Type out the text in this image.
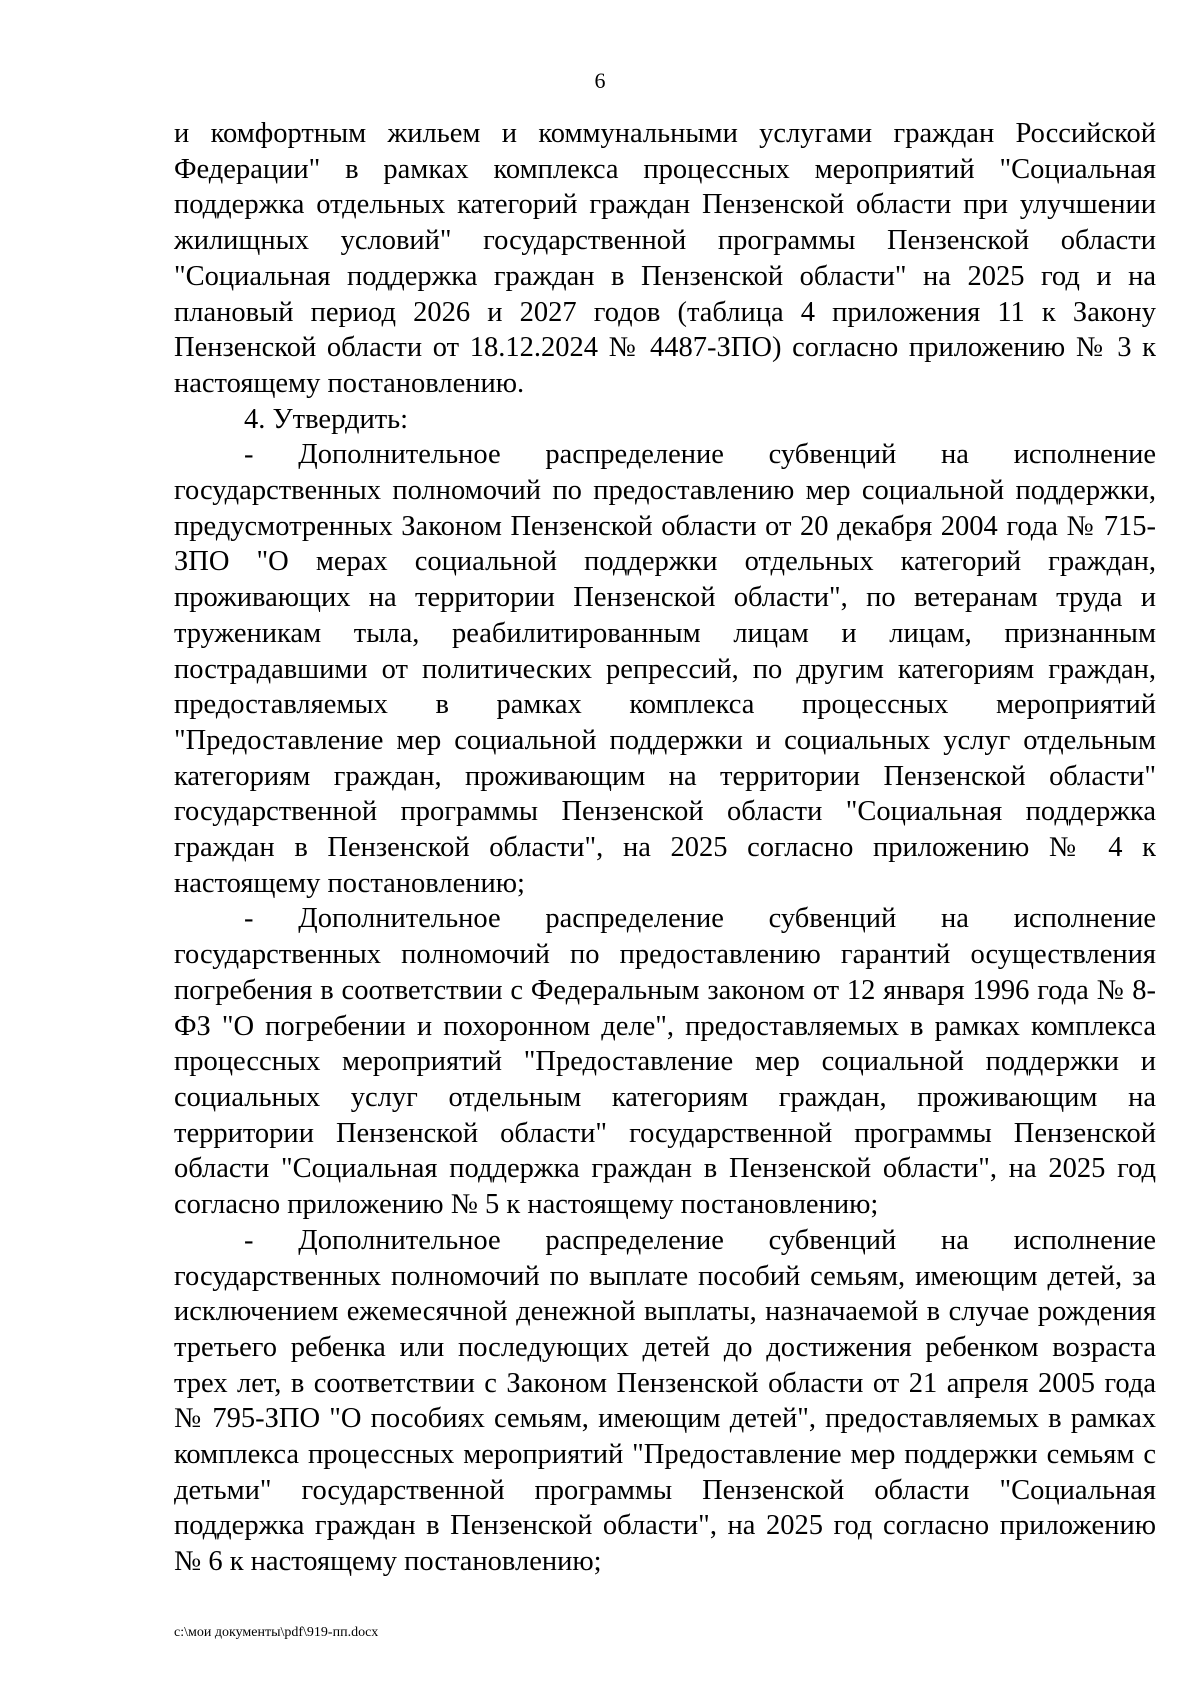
6

и комфортным жильем и коммунальными услугами граждан Российской Федерации" в рамках комплекса процессных мероприятий "Социальная поддержка отдельных категорий граждан Пензенской области при улучшении жилищных условий" государственной программы Пензенской области "Социальная поддержка граждан в Пензенской области" на 2025 год и на плановый период 2026 и 2027 годов (таблица 4 приложения 11 к Закону Пензенской области от 18.12.2024 № 4487-ЗПО) согласно приложению № 3 к настоящему постановлению.

4. Утвердить:

- Дополнительное распределение субвенций на исполнение государственных полномочий по предоставлению мер социальной поддержки, предусмотренных Законом Пензенской области от 20 декабря 2004 года № 715-ЗПО "О мерах социальной поддержки отдельных категорий граждан, проживающих на территории Пензенской области", по ветеранам труда и труженикам тыла, реабилитированным лицам и лицам, признанным пострадавшими от политических репрессий, по другим категориям граждан, предоставляемых в рамках комплекса процессных мероприятий "Предоставление мер социальной поддержки и социальных услуг отдельным категориям граждан, проживающим на территории Пензенской области" государственной программы Пензенской области "Социальная поддержка граждан в Пензенской области", на 2025 согласно приложению № 4 к настоящему постановлению;

- Дополнительное распределение субвенций на исполнение государственных полномочий по предоставлению гарантий осуществления погребения в соответствии с Федеральным законом от 12 января 1996 года № 8-ФЗ "О погребении и похоронном деле", предоставляемых в рамках комплекса процессных мероприятий "Предоставление мер социальной поддержки и социальных услуг отдельным категориям граждан, проживающим на территории Пензенской области" государственной программы Пензенской области "Социальная поддержка граждан в Пензенской области", на 2025 год согласно приложению № 5 к настоящему постановлению;

- Дополнительное распределение субвенций на исполнение государственных полномочий по выплате пособий семьям, имеющим детей, за исключением ежемесячной денежной выплаты, назначаемой в случае рождения третьего ребенка или последующих детей до достижения ребенком возраста трех лет, в соответствии с Законом Пензенской области от 21 апреля 2005 года № 795-ЗПО "О пособиях семьям, имеющим детей", предоставляемых в рамках комплекса процессных мероприятий "Предоставление мер поддержки семьям с детьми" государственной программы Пензенской области "Социальная поддержка граждан в Пензенской области", на 2025 год согласно приложению № 6 к настоящему постановлению;

c:\мои документы\pdf\919-пп.docx
